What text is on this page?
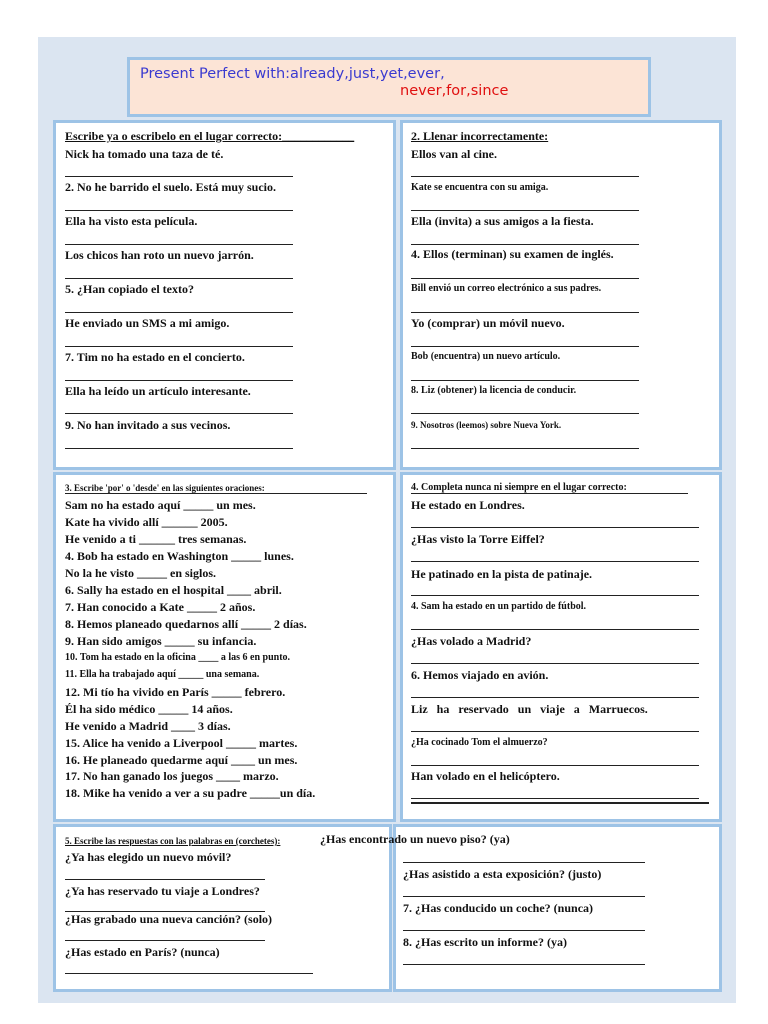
Present Perfect with:already,just,yet,ever,
never,for,since
Escribe ya o escribelo en el lugar correcto:____________
Nick ha tomado una taza de té.
2. No he barrido el suelo. Está muy sucio.
Ella ha visto esta película.
Los chicos han roto un nuevo jarrón.
5. ¿Han copiado el texto?
He enviado un SMS a mi amigo.
7. Tim no ha estado en el concierto.
Ella ha leído un artículo interesante.
9. No han invitado a sus vecinos.
2. Llenar incorrectamente:
Ellos van al cine.
Kate se encuentra con su amiga.
Ella (invita) a sus amigos a la fiesta.
4. Ellos (terminan) su examen de inglés.
Bill envió un correo electrónico a sus padres.
Yo (comprar) un móvil nuevo.
Bob (encuentra) un nuevo artículo.
8. Liz (obtener) la licencia de conducir.
9. Nosotros (leemos) sobre Nueva York.
3. Escribe 'por' o 'desde' en las siguientes oraciones:
Sam no ha estado aquí _____ un mes.
Kate ha vivido allí ______ 2005.
He venido a ti ______ tres semanas.
4. Bob ha estado en Washington _____ lunes.
No la he visto _____ en siglos.
6. Sally ha estado en el hospital ____ abril.
7. Han conocido a Kate _____ 2 años.
8. Hemos planeado quedarnos allí _____ 2 días.
9. Han sido amigos _____ su infancia.
10. Tom ha estado en la oficina ____ a las 6 en punto.
11. Ella ha trabajado aquí _____ una semana.
12. Mi tío ha vivido en París _____ febrero.
Él ha sido médico _____ 14 años.
He venido a Madrid ____ 3 días.
15. Alice ha venido a Liverpool _____ martes.
16. He planeado quedarme aquí ____ un mes.
17. No han ganado los juegos ____ marzo.
18. Mike ha venido a ver a su padre _____un día.
4. Completa nunca ni siempre en el lugar correcto:
He estado en Londres.
¿Has visto la Torre Eiffel?
He patinado en la pista de patinaje.
4. Sam ha estado en un partido de fútbol.
¿Has volado a Madrid?
6. Hemos viajado en avión.
Liz ha reservado un viaje a Marruecos.
¿Ha cocinado Tom el almuerzo?
Han volado en el helicóptero.
5. Escribe las respuestas con las palabras en (corchetes):	¿Has encontrado un nuevo piso? (ya)
¿Ya has elegido un nuevo móvil?
¿Ya has reservado tu viaje a Londres?
¿Has grabado una nueva canción? (solo)
¿Has estado en París? (nunca)
¿Has asistido a esta exposición? (justo)
7. ¿Has conducido un coche? (nunca)
8. ¿Has escrito un informe? (ya)
